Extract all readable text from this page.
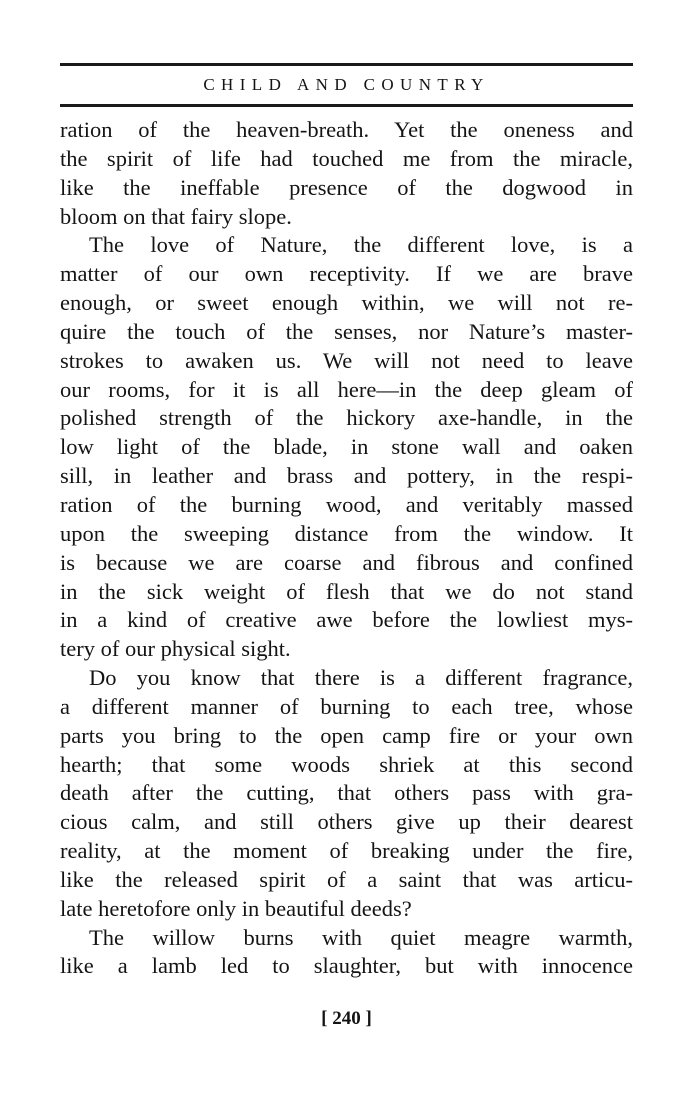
CHILD AND COUNTRY
ration of the heaven-breath. Yet the oneness and
the spirit of life had touched me from the miracle,
like the ineffable presence of the dogwood in
bloom on that fairy slope.
The love of Nature, the different love, is a
matter of our own receptivity. If we are brave
enough, or sweet enough within, we will not re-
quire the touch of the senses, nor Nature’s master-
strokes to awaken us. We will not need to leave
our rooms, for it is all here—in the deep gleam of
polished strength of the hickory axe-handle, in the
low light of the blade, in stone wall and oaken
sill, in leather and brass and pottery, in the respi-
ration of the burning wood, and veritably massed
upon the sweeping distance from the window. It
is because we are coarse and fibrous and confined
in the sick weight of flesh that we do not stand
in a kind of creative awe before the lowliest mys-
tery of our physical sight.
Do you know that there is a different fragrance,
a different manner of burning to each tree, whose
parts you bring to the open camp fire or your own
hearth; that some woods shriek at this second
death after the cutting, that others pass with gra-
cious calm, and still others give up their dearest
reality, at the moment of breaking under the fire,
like the released spirit of a saint that was articu-
late heretofore only in beautiful deeds?
The willow burns with quiet meagre warmth,
like a lamb led to slaughter, but with innocence
[ 240 ]
